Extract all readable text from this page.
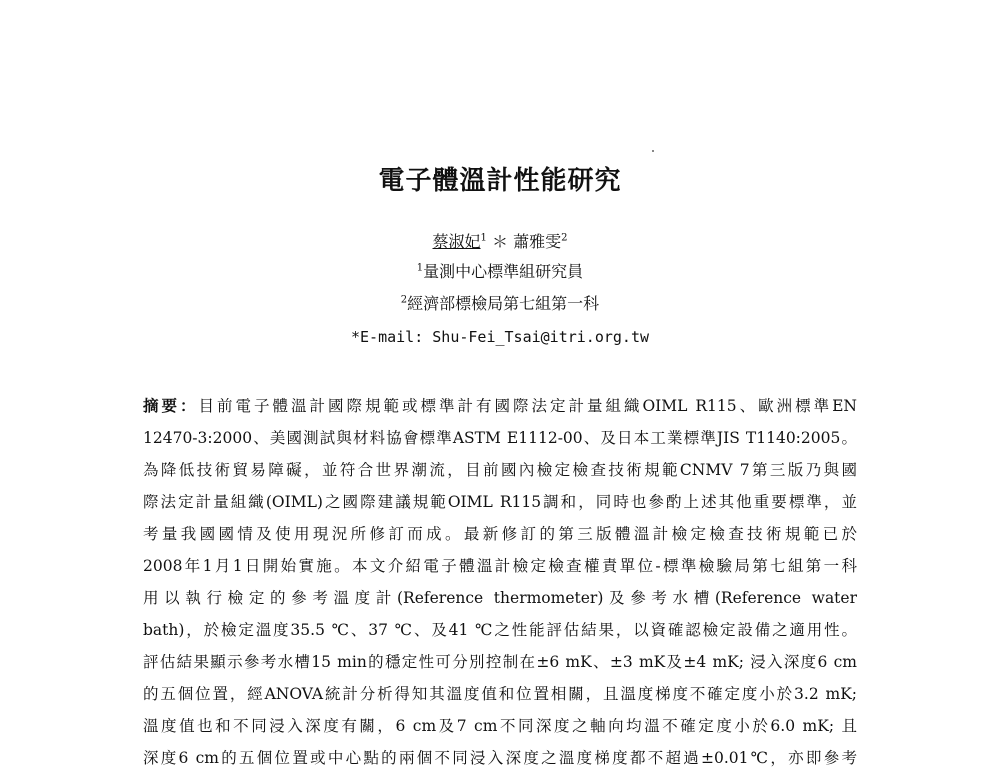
電子體溫計性能研究
蔡淑妃$^1$ ＊ 蕭雅雯$^2$
$^1$量測中心標準組研究員
$^2$經濟部標檢局第七組第一科
*E-mail: Shu-Fei_Tsai@itri.org.tw
摘要：目前電子體溫計國際規範或標準計有國際法定計量組織OIML R115、歐洲標準EN
12470-3:2000、美國測試與材料協會標準ASTM E1112-00、及日本工業標準JIS T1140:2005。
為降低技術貿易障礙，並符合世界潮流，目前國內檢定檢查技術規範CNMV 7第三版乃與國
際法定計量組織(OIML)之國際建議規範OIML R115調和，同時也參酌上述其他重要標準，並
考量我國國情及使用現況所修訂而成。最新修訂的第三版體溫計檢定檢查技術規範已於
2008年1月1日開始實施。本文介紹電子體溫計檢定檢查權責單位-標準檢驗局第七組第一科
用以執行檢定的參考溫度計(Reference thermometer)及參考水槽(Reference water
bath)，於檢定溫度35.5 ℃、37 ℃、及41 ℃之性能評估結果，以資確認檢定設備之適用性。
評估結果顯示參考水槽15 min的穩定性可分別控制在±6 mK、±3 mK及±4 mK; 浸入深度6 cm
的五個位置，經ANOVA統計分析得知其溫度值和位置相關，且溫度梯度不確定度小於3.2 mK;
溫度值也和不同浸入深度有關，6 cm及7 cm不同深度之軸向均溫不確定度小於6.0 mK; 且
深度6 cm的五個位置或中心點的兩個不同浸入深度之溫度梯度都不超過±0.01℃，亦即參考
